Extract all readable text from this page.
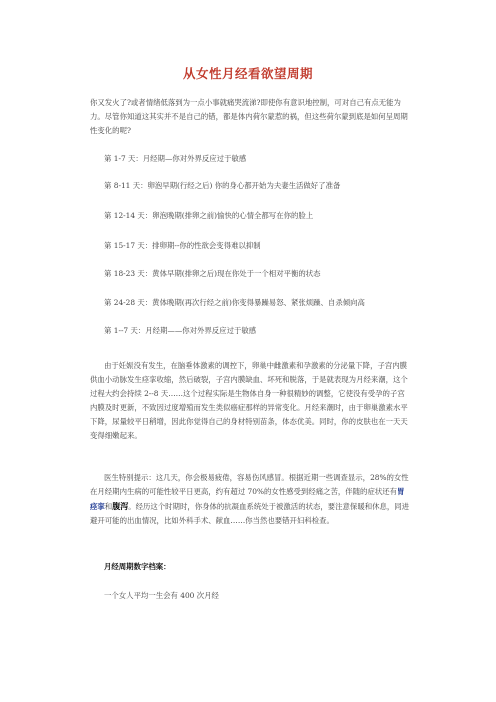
从女性月经看欲望周期
你又发火了?或者情绪低落到为一点小事就痛哭流涕?即使你有意识地控制，可对自己有点无能为力。尽管你知道这其实并不是自己的错，都是体内荷尔蒙惹的祸，但这些荷尔蒙到底是如何呈周期性变化的呢?
第 1-7 天：月经期—你对外界反应过于敏感
第 8-11 天：卵泡早期(行经之后) 你的身心都开始为夫妻生活做好了准备
第 12-14 天：卵泡晚期(排卵之前)愉快的心情全都写在你的脸上
第 15-17 天：排卵期--你的性欲会变得难以抑制
第 18-23 天：黄体早期(排卵之后)现在你处于一个相对平衡的状态
第 24-28 天：黄体晚期(再次行经之前)你变得暴躁易怒、紧张烦躁、自杀倾向高
第 1--7 天：月经期——你对外界反应过于敏感
由于妊娠没有发生，在脑垂体激素的调控下，卵巢中雌激素和孕激素的分泌量下降，子宫内膜供血小动脉发生痉挛收缩，然后破裂，子宫内膜缺血、坏死和脱落，于是就表现为月经来潮，这个过程大约会持续 2--8 天……这个过程实际是生物体自身一种很精妙的调整，它使没有受孕的子宫内膜及时更新，不致因过度增殖而发生类似癌症那样的异常变化。月经来潮时，由于卵巢激素水平下降，尿量较平日稍增，因此你觉得自己的身材特别苗条，体态优美。同时，你的皮肤也在一天天变得细嫩起来。
医生特别提示：这几天，你会极易疲倦，容易伤风感冒。根据近期一些调查显示，28%的女性在月经期内生病的可能性较平日更高，约有超过 70%的女性感受到经痛之苦，伴随的症状还有胃痉挛和腹泻。经历这个时期时，你身体的抗凝血系统处于被激活的状态，要注意保暖和休息，同进避开可能的出血情况，比如外科手术、献血……你当然也要错开妇科检查。
月经周期数字档案：
一个女人平均一生会有 400 次月经
